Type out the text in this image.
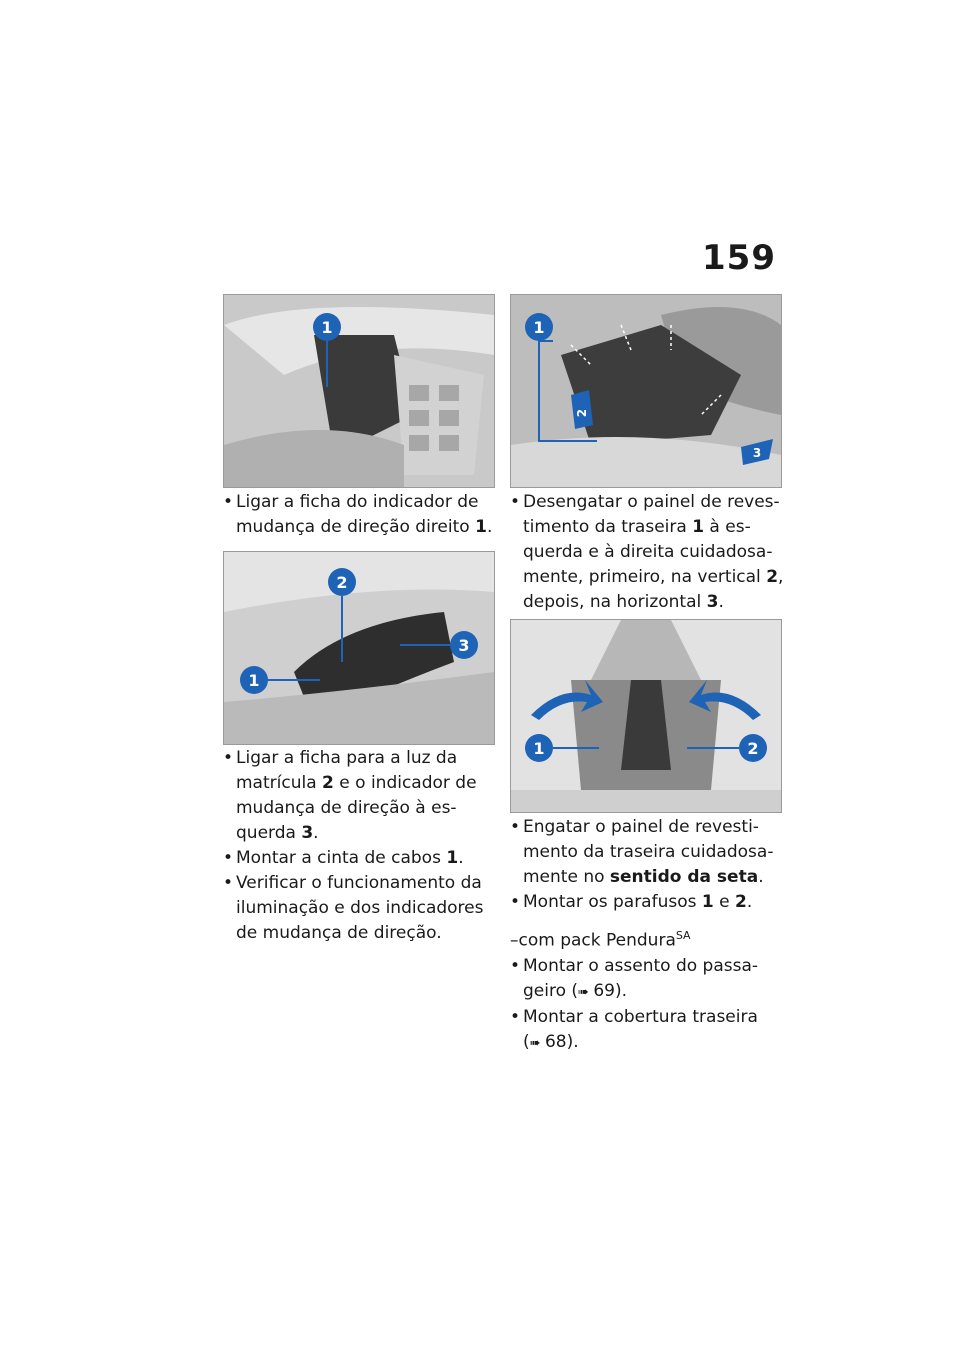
159
1
2
3
1
1
2
3
1	2

• Ligar a ficha do indicador de
mudança de direção direito 1.

• Ligar a ficha para a luz da
matrícula 2 e o indicador de
mudança de direção à es-
querda 3.

• Montar a cinta de cabos 1.

• Verificar o funcionamento da
iluminação e dos indicadores
de mudança de direção.

• Desengatar o painel de reves-
timento da traseira 1 à es-
querda e à direita cuidadosa-
mente, primeiro, na vertical 2,
depois, na horizontal 3.

• Engatar o painel de revesti-
mento da traseira cuidadosa-
mente no sentido da seta.

• Montar os parafusos 1 e 2.

–com pack Pendura$^{SA}$

• Montar o assento do passa-
geiro (➠ 69).

• Montar a cobertura traseira
(➠ 68).
